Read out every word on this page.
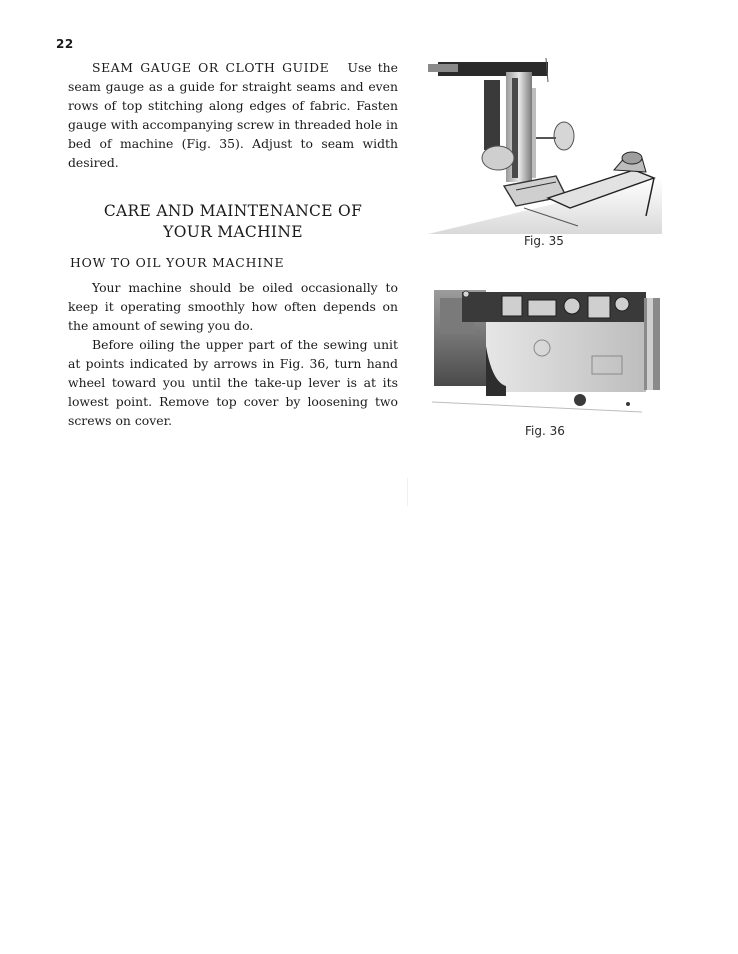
22

SEAM GAUGE OR CLOTH GUIDE Use the seam gauge as a guide for straight seams and even rows of top stitching along edges of fabric. Fasten gauge with accompanying screw in threaded hole in bed of machine (Fig. 35). Adjust to seam width desired.

CARE AND MAINTENANCE OF
YOUR MACHINE
HOW TO OIL YOUR MACHINE

Your machine should be oiled occasionally to keep it operating smoothly how often depends on the amount of sewing you do.

Before oiling the upper part of the sewing unit at points indicated by arrows in Fig. 36, turn hand wheel toward you until the take-up lever is at its lowest point. Remove top cover by loosening two screws on cover.

Fig. 35
Fig. 36
